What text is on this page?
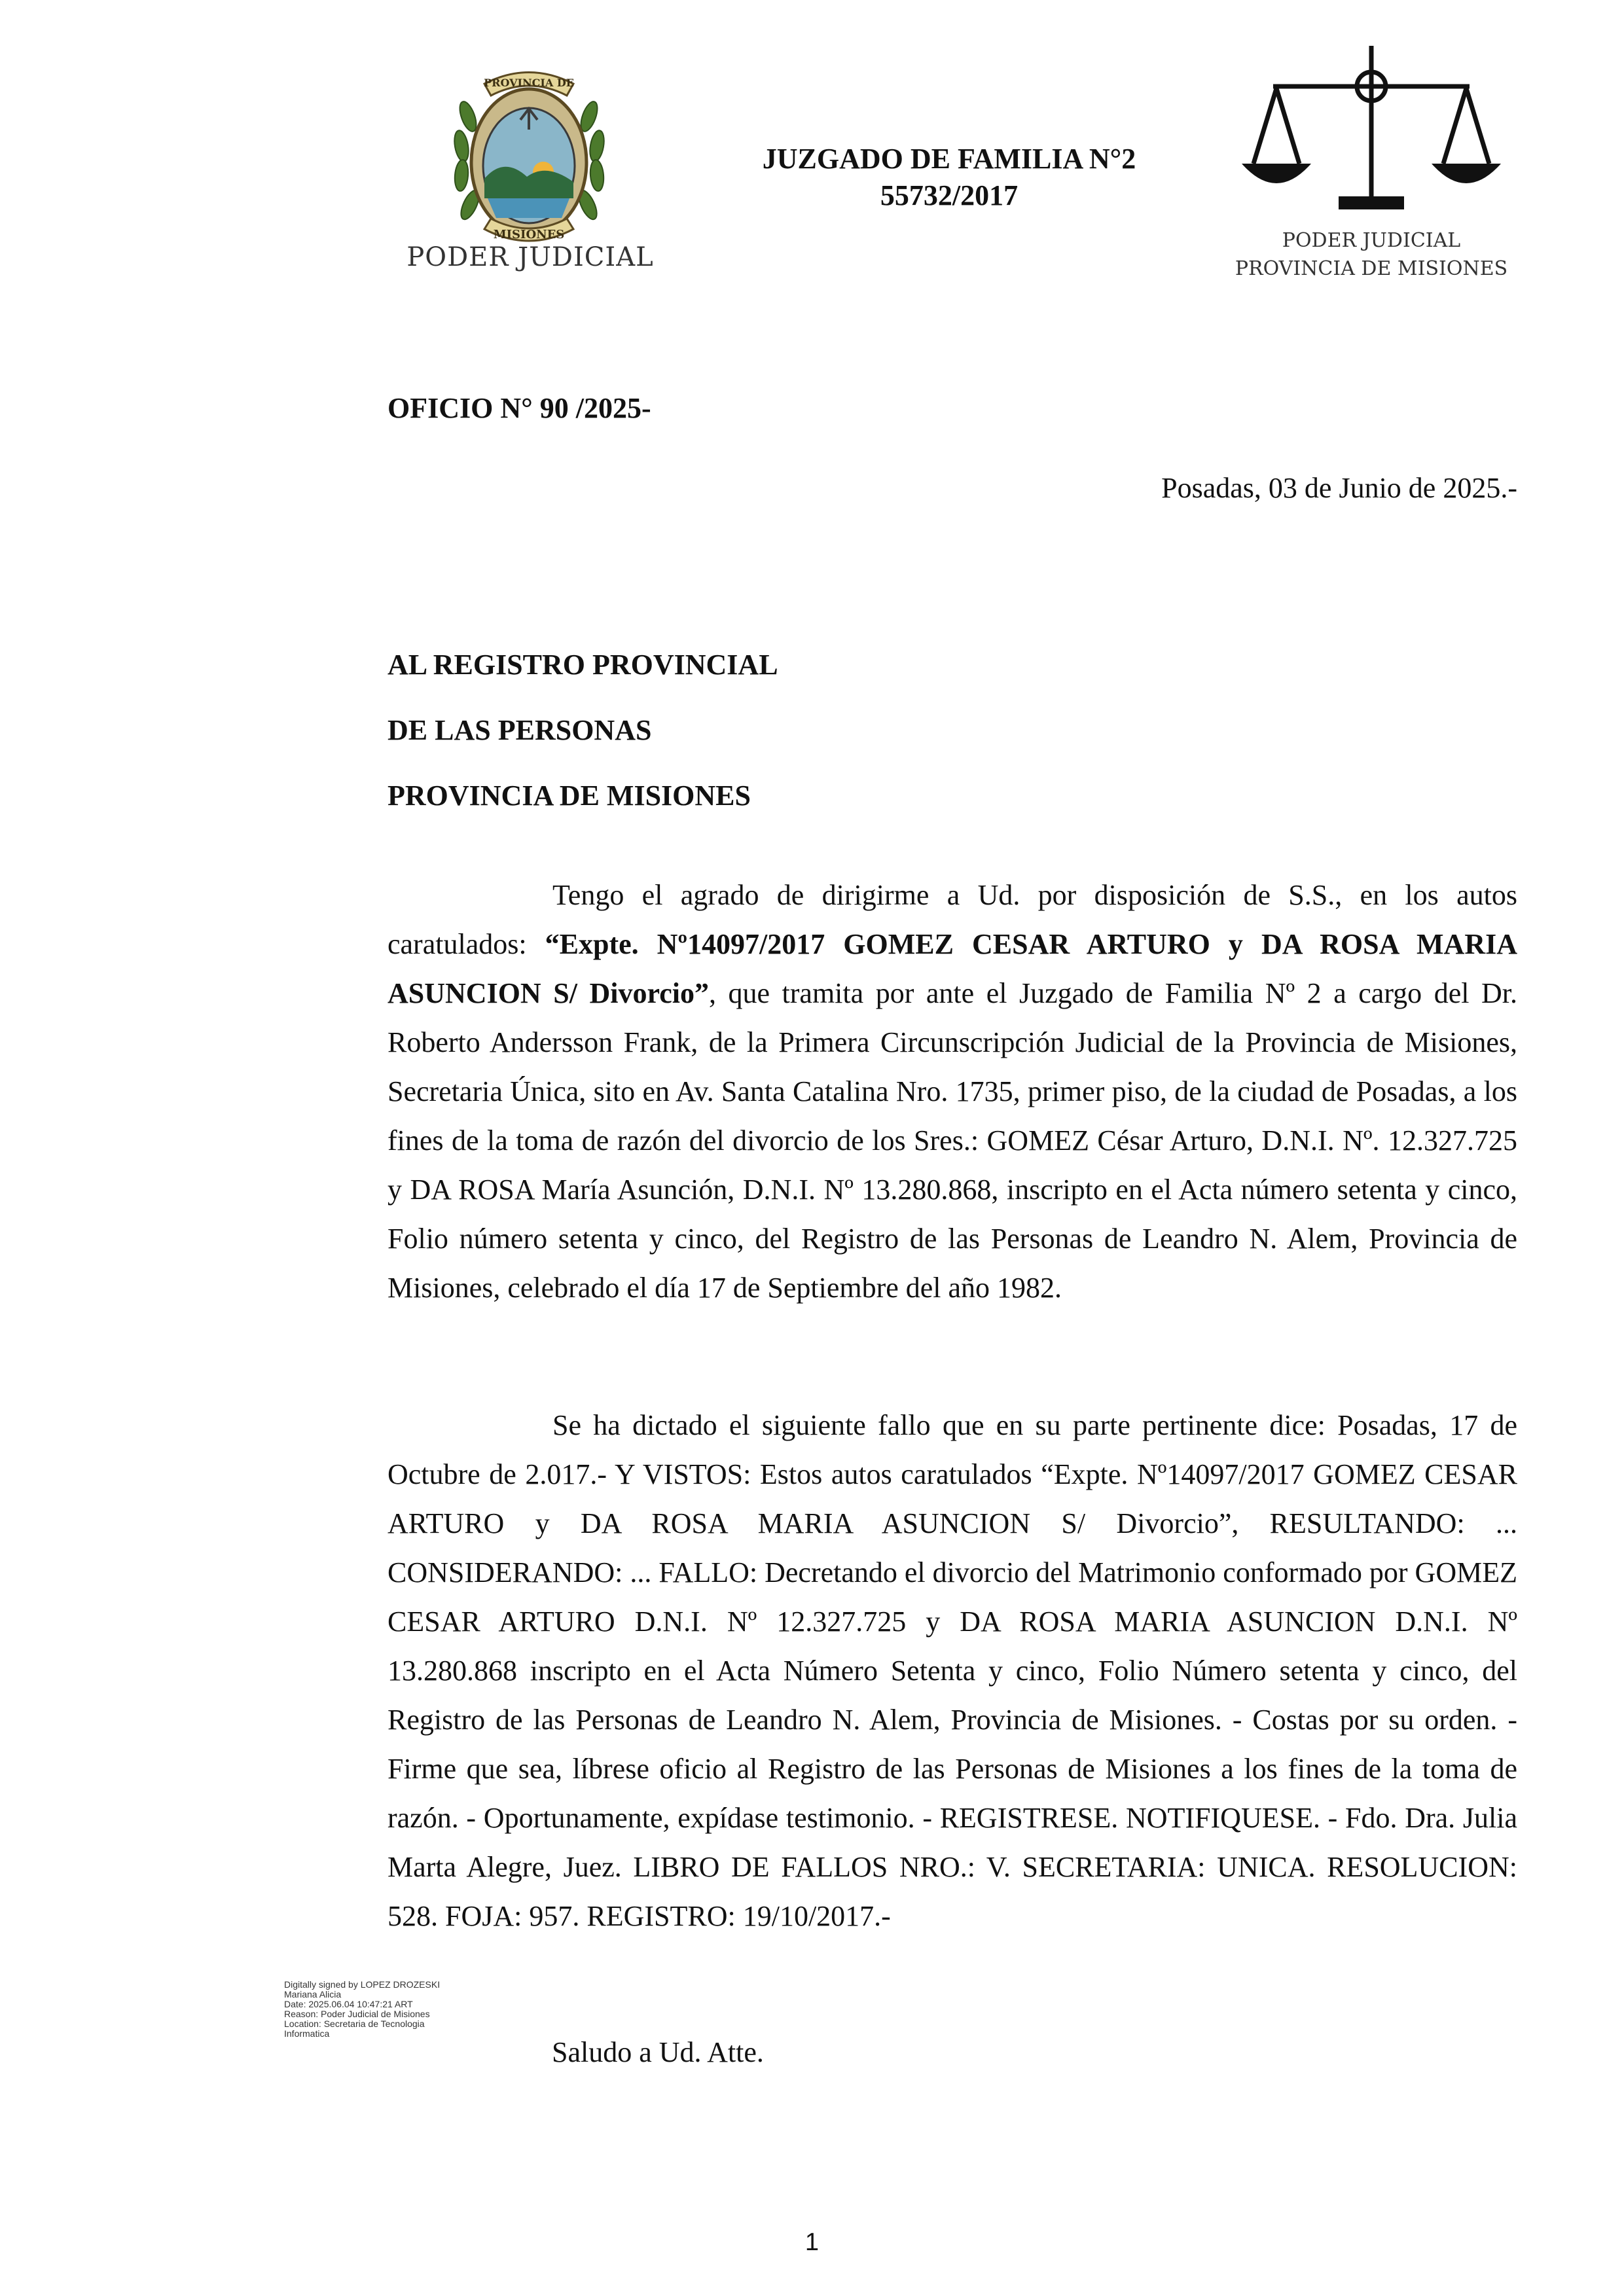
PROVINCIA DE
MISIONES
PODER JUDICIAL
JUZGADO DE FAMILIA N°2
55732/2017
PODER JUDICIAL
PROVINCIA DE MISIONES
OFICIO N° 90 /2025-
Posadas, 03 de Junio de 2025.-
AL REGISTRO PROVINCIAL
DE LAS PERSONAS
PROVINCIA DE MISIONES

Tengo el agrado de dirigirme a Ud. por disposición de S.S., en los autos caratulados: “Expte. Nº14097/2017 GOMEZ CESAR ARTURO y DA ROSA MARIA ASUNCION S/ Divorcio”, que tramita por ante el Juzgado de Familia Nº 2 a cargo del Dr. Roberto Andersson Frank, de la Primera Circunscripción Judicial de la Provincia de Misiones, Secretaria Única, sito en Av. Santa Catalina Nro. 1735, primer piso, de la ciudad de Posadas, a los fines de la toma de razón del divorcio de los Sres.: GOMEZ César Arturo, D.N.I. Nº. 12.327.725 y DA ROSA María Asunción, D.N.I. Nº 13.280.868, inscripto en el Acta número setenta y cinco, Folio número setenta y cinco, del Registro de las Personas de Leandro N. Alem, Provincia de Misiones, celebrado el día 17 de Septiembre del año 1982.

Se ha dictado el siguiente fallo que en su parte pertinente dice: Posadas, 17 de Octubre de 2.017.- Y VISTOS: Estos autos caratulados “Expte. Nº14097/2017 GOMEZ CESAR ARTURO y DA ROSA MARIA ASUNCION S/ Divorcio”, RESULTANDO: ... CONSIDERANDO: ... FALLO: Decretando el divorcio del Matrimonio conformado por GOMEZ CESAR ARTURO D.N.I. Nº 12.327.725 y DA ROSA MARIA ASUNCION D.N.I. Nº 13.280.868 inscripto en el Acta Número Setenta y cinco, Folio Número setenta y cinco, del Registro de las Personas de Leandro N. Alem, Provincia de Misiones. - Costas por su orden. - Firme que sea, líbrese oficio al Registro de las Personas de Misiones a los fines de la toma de razón. - Oportunamente, expídase testimonio. - REGISTRESE. NOTIFIQUESE. - Fdo. Dra. Julia Marta Alegre, Juez. LIBRO DE FALLOS NRO.: V. SECRETARIA: UNICA. RESOLUCION: 528. FOJA: 957. REGISTRO: 19/10/2017.-

Digitally signed by LOPEZ DROZESKI
Mariana Alicia
Date: 2025.06.04 10:47:21 ART
Reason: Poder Judicial de Misiones
Location: Secretaria de Tecnologia
Informatica
Saludo a Ud. Atte.
1
